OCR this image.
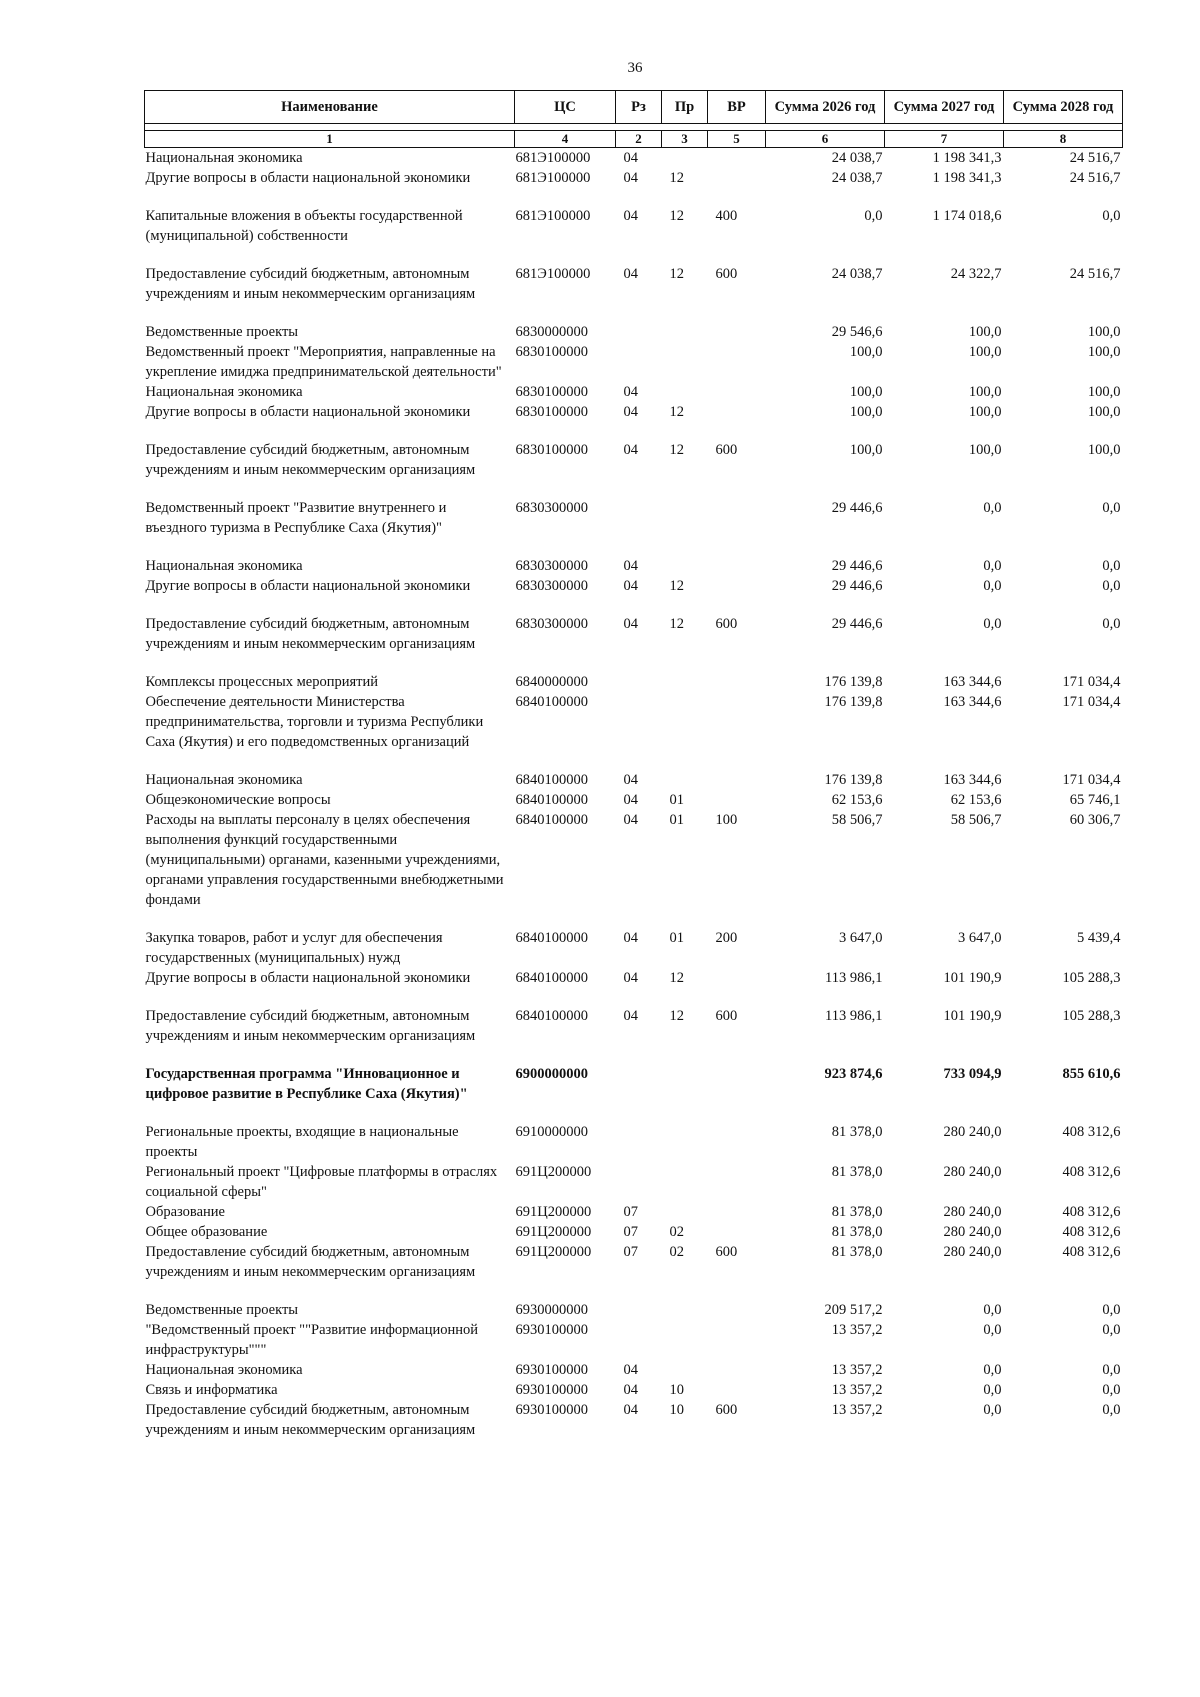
36
Наименование	ЦС	Рз	Пр	ВР	Сумма 2026 год	Сумма 2027 год	Сумма 2028 год

1	4	2	3	5	6	7	8
Национальная экономика	681Э100000	04			24 038,7	1 198 341,3	24 516,7
Другие вопросы в области национальной экономики	681Э100000	04	12		24 038,7	1 198 341,3	24 516,7
Капитальные вложения в объекты государственной (муниципальной) собственности	681Э100000	04	12	400	0,0	1 174 018,6	0,0
Предоставление субсидий бюджетным, автономным учреждениям и иным некоммерческим организациям	681Э100000	04	12	600	24 038,7	24 322,7	24 516,7
Ведомственные проекты	6830000000				29 546,6	100,0	100,0
Ведомственный проект "Мероприятия, направленные на укрепление имиджа предпринимательской деятельности"	6830100000				100,0	100,0	100,0
Национальная экономика	6830100000	04			100,0	100,0	100,0
Другие вопросы в области национальной экономики	6830100000	04	12		100,0	100,0	100,0
Предоставление субсидий бюджетным, автономным учреждениям и иным некоммерческим организациям	6830100000	04	12	600	100,0	100,0	100,0
Ведомственный проект "Развитие внутреннего и въездного туризма в Республике Саха (Якутия)"	6830300000				29 446,6	0,0	0,0
Национальная экономика	6830300000	04			29 446,6	0,0	0,0
Другие вопросы в области национальной экономики	6830300000	04	12		29 446,6	0,0	0,0
Предоставление субсидий бюджетным, автономным учреждениям и иным некоммерческим организациям	6830300000	04	12	600	29 446,6	0,0	0,0
Комплексы процессных мероприятий	6840000000				176 139,8	163 344,6	171 034,4
Обеспечение деятельности Министерства предпринимательства, торговли и туризма Республики Саха (Якутия) и его подведомственных организаций	6840100000				176 139,8	163 344,6	171 034,4
Национальная экономика	6840100000	04			176 139,8	163 344,6	171 034,4
Общеэкономические вопросы	6840100000	04	01		62 153,6	62 153,6	65 746,1
Расходы на выплаты персоналу в целях обеспечения выполнения функций государственными (муниципальными) органами, казенными учреждениями, органами управления государственными внебюджетными фондами	6840100000	04	01	100	58 506,7	58 506,7	60 306,7
Закупка товаров, работ и услуг для обеспечения государственных (муниципальных) нужд	6840100000	04	01	200	3 647,0	3 647,0	5 439,4
Другие вопросы в области национальной экономики	6840100000	04	12		113 986,1	101 190,9	105 288,3
Предоставление субсидий бюджетным, автономным учреждениям и иным некоммерческим организациям	6840100000	04	12	600	113 986,1	101 190,9	105 288,3
Государственная программа "Инновационное и цифровое развитие в Республике Саха (Якутия)"	6900000000				923 874,6	733 094,9	855 610,6
Региональные проекты, входящие в национальные проекты	6910000000				81 378,0	280 240,0	408 312,6
Региональный проект "Цифровые платформы в отраслях социальной сферы"	691Ц200000				81 378,0	280 240,0	408 312,6
Образование	691Ц200000	07			81 378,0	280 240,0	408 312,6
Общее образование	691Ц200000	07	02		81 378,0	280 240,0	408 312,6
Предоставление субсидий бюджетным, автономным учреждениям и иным некоммерческим организациям	691Ц200000	07	02	600	81 378,0	280 240,0	408 312,6
Ведомственные проекты	6930000000				209 517,2	0,0	0,0
"Ведомственный проект ""Развитие информационной инфраструктуры"""	6930100000				13 357,2	0,0	0,0
Национальная экономика	6930100000	04			13 357,2	0,0	0,0
Связь и информатика	6930100000	04	10		13 357,2	0,0	0,0
Предоставление субсидий бюджетным, автономным учреждениям и иным некоммерческим организациям	6930100000	04	10	600	13 357,2	0,0	0,0
